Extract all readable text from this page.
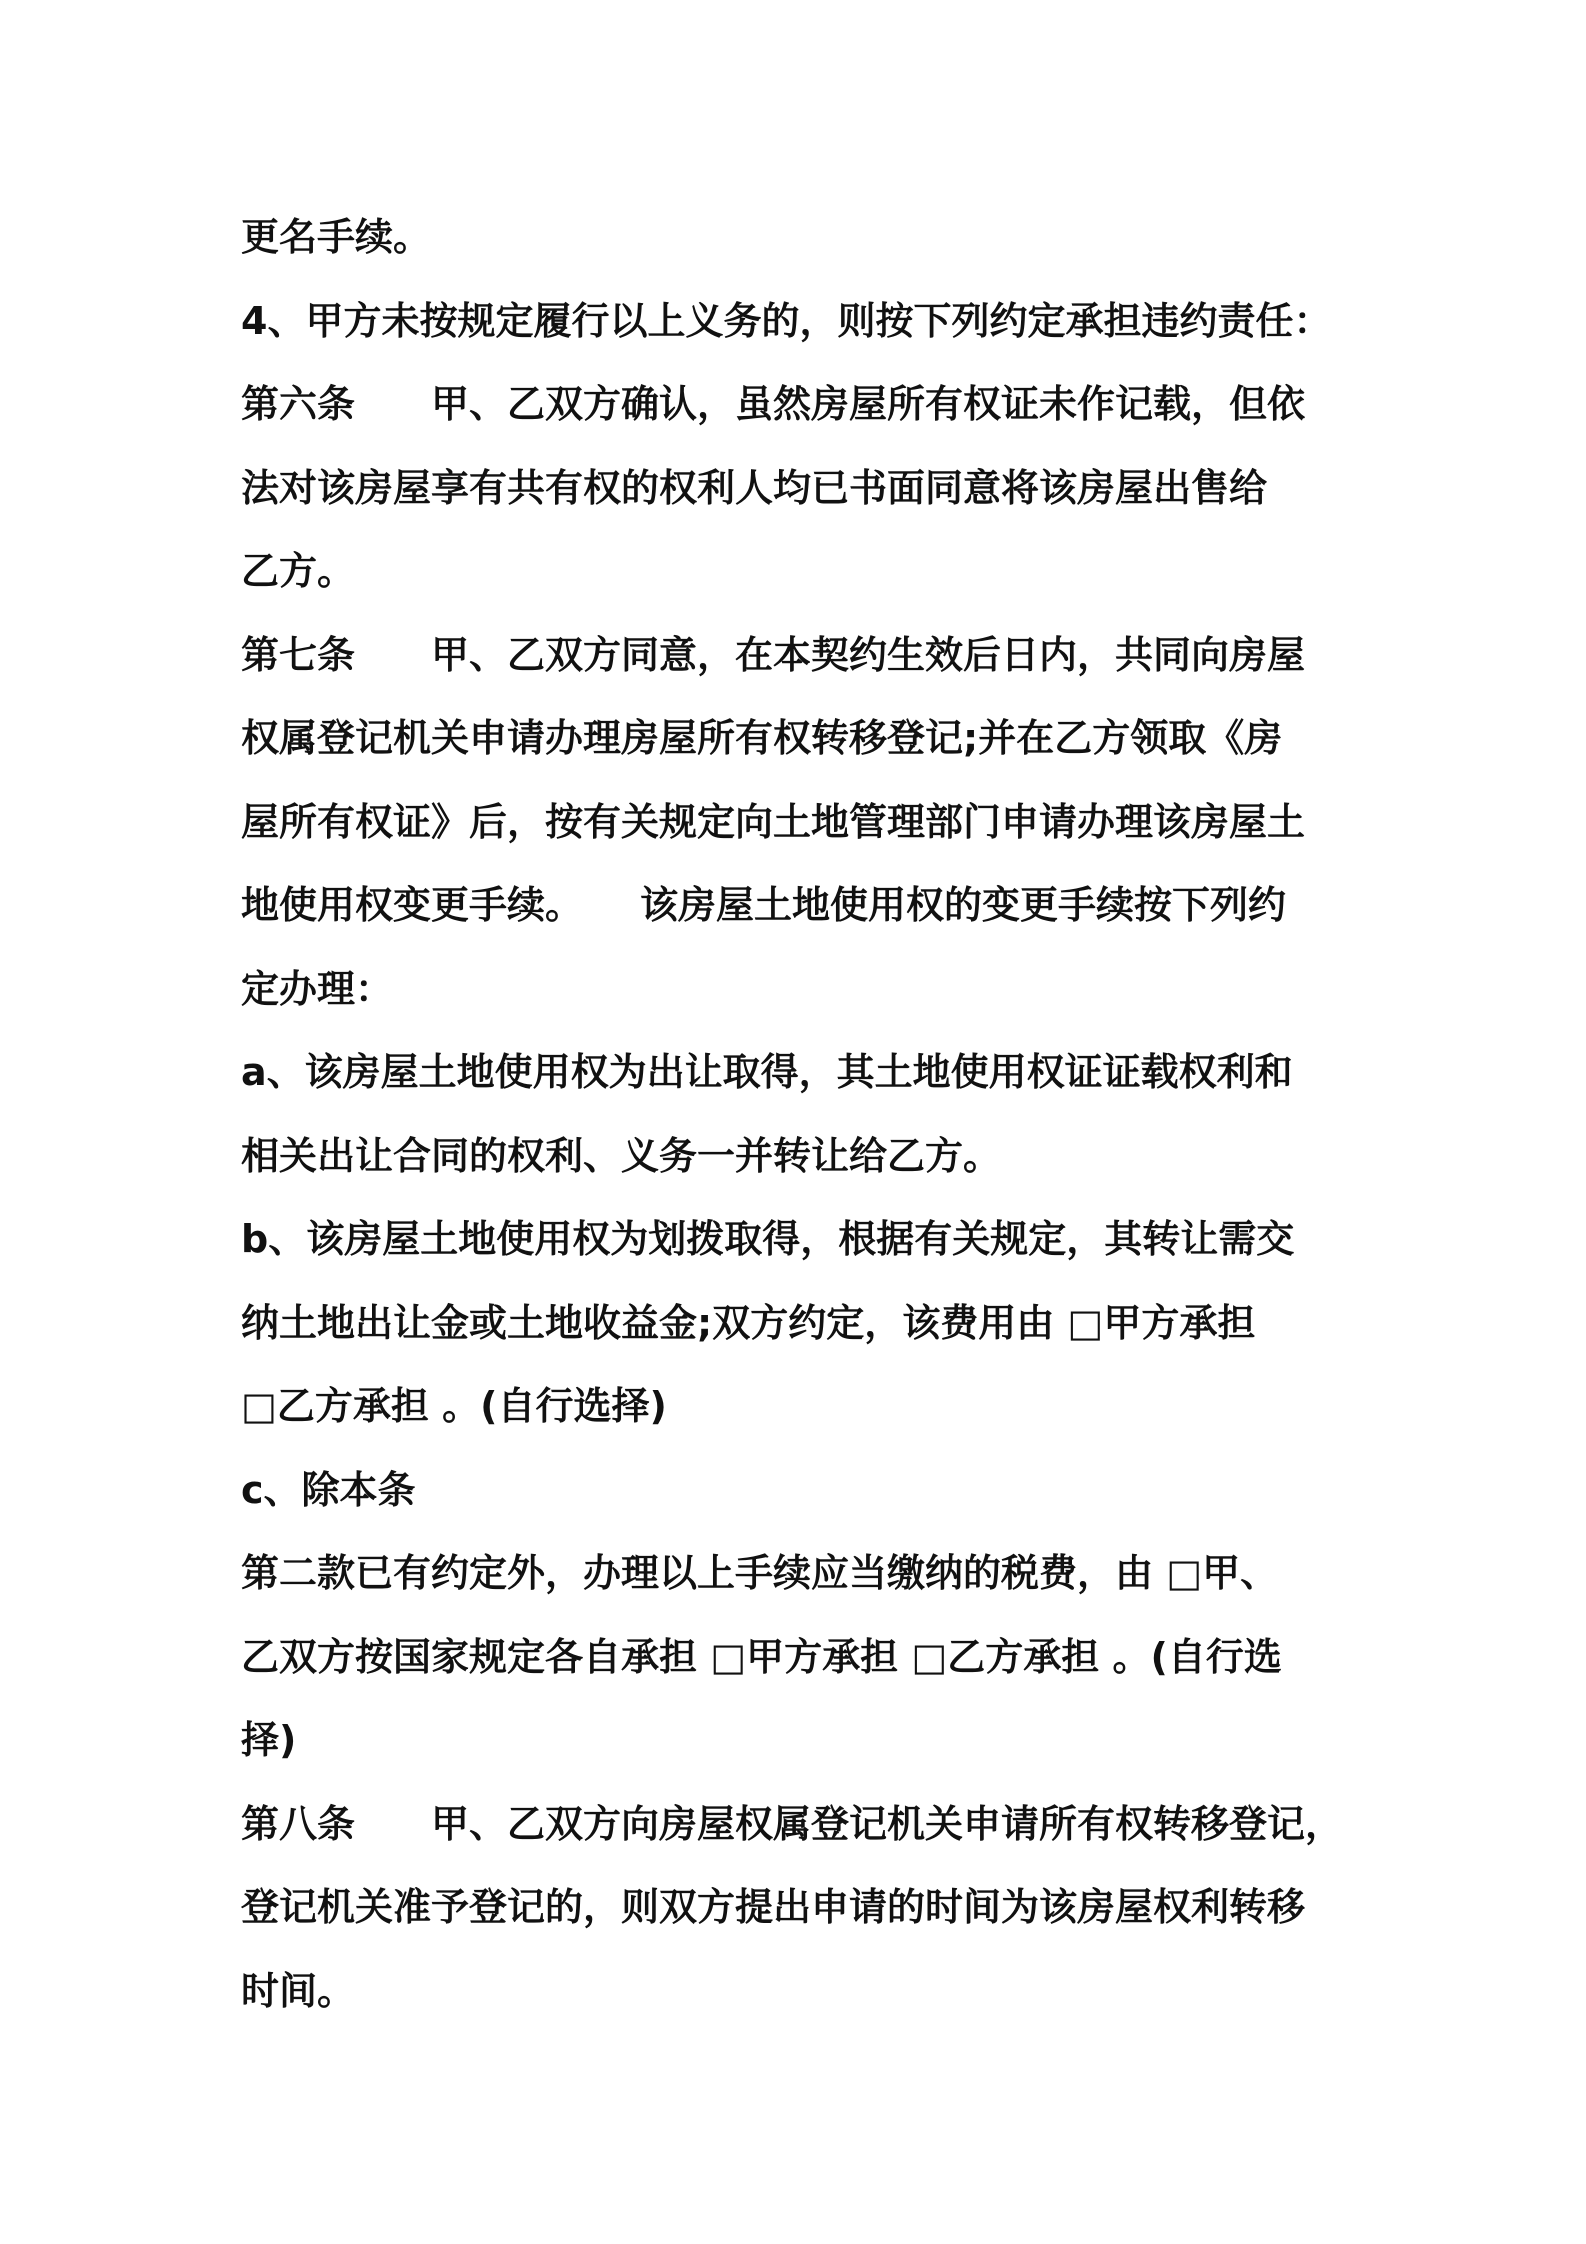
更名手续。
4、甲方未按规定履行以上义务的，则按下列约定承担违约责任：
第六条　　甲、乙双方确认，虽然房屋所有权证未作记载，但依
法对该房屋享有共有权的权利人均已书面同意将该房屋出售给
乙方。
第七条　　甲、乙双方同意，在本契约生效后日内，共同向房屋
权属登记机关申请办理房屋所有权转移登记;并在乙方领取《房
屋所有权证》后，按有关规定向土地管理部门申请办理该房屋土
地使用权变更手续。　　该房屋土地使用权的变更手续按下列约
定办理：
a、该房屋土地使用权为出让取得，其土地使用权证证载权利和
相关出让合同的权利、义务一并转让给乙方。
b、该房屋土地使用权为划拨取得，根据有关规定，其转让需交
纳土地出让金或土地收益金;双方约定，该费用由 □甲方承担
□乙方承担 。(自行选择)
c、除本条
第二款已有约定外，办理以上手续应当缴纳的税费，由 □甲、
乙双方按国家规定各自承担 □甲方承担 □乙方承担 。(自行选
择)
第八条　　甲、乙双方向房屋权属登记机关申请所有权转移登记，
登记机关准予登记的，则双方提出申请的时间为该房屋权利转移
时间。
